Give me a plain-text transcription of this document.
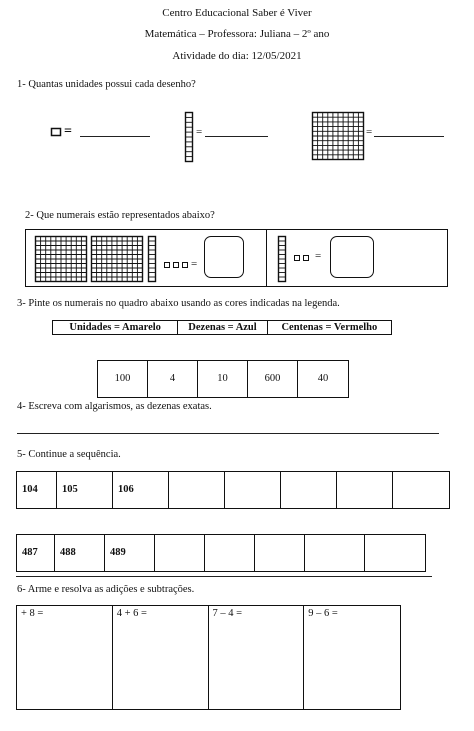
Centro Educacional Saber é Viver
Matemática – Professora: Juliana – 2º ano
Atividade do dia: 12/05/2021
1- Quantas unidades possui cada desenho?
=	=	=
2- Que numerais estão representados abaixo?
=
=
3- Pinte os numerais no quadro abaixo usando as cores indicadas na legenda.
Unidades = Amarelo	Dezenas = Azul	Centenas = Vermelho
100	4	10	600	40
4- Escreva com algarismos, as dezenas exatas.
5- Continue a sequência.
104	105	106
487	488	489
6- Arme e resolva as adições e subtrações.
+ 8 =	4 + 6 =	7 – 4 =	9 – 6 =
